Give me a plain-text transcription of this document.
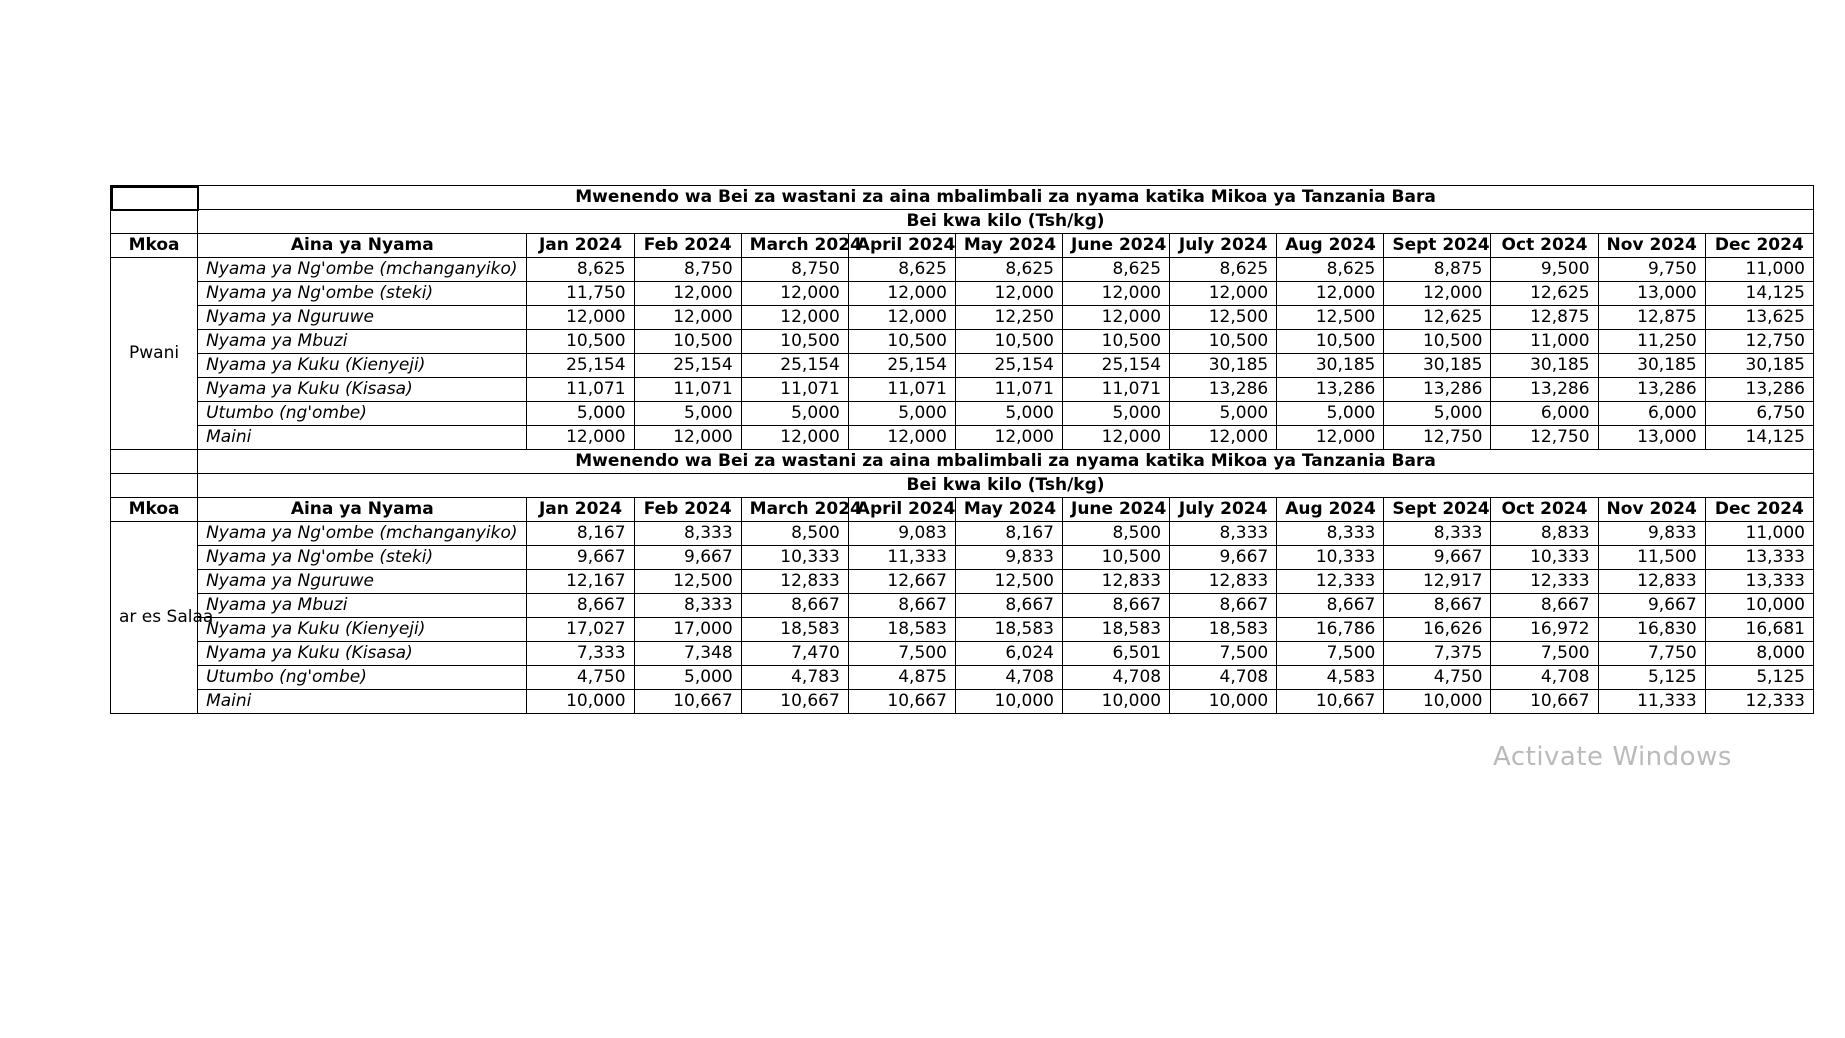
	Mwenendo wa Bei za wastani za aina mbalimbali za nyama katika Mikoa ya Tanzania Bara												
	Bei kwa kilo (Tsh/kg)												
Mkoa	Aina ya Nyama	Jan 2024	Feb 2024	March 2024	April 2024	May 2024	June 2024	July 2024	Aug 2024	Sept 2024	Oct 2024	Nov 2024	Dec 2024
Pwani	Nyama ya Ng'ombe (mchanganyiko)	8,625	8,750	8,750	8,625	8,625	8,625	8,625	8,625	8,875	9,500	9,750	11,000
	Nyama ya Ng'ombe (steki)	11,750	12,000	12,000	12,000	12,000	12,000	12,000	12,000	12,000	12,625	13,000	14,125
	Nyama ya Nguruwe	12,000	12,000	12,000	12,000	12,250	12,000	12,500	12,500	12,625	12,875	12,875	13,625
	Nyama ya Mbuzi	10,500	10,500	10,500	10,500	10,500	10,500	10,500	10,500	10,500	11,000	11,250	12,750
	Nyama ya Kuku (Kienyeji)	25,154	25,154	25,154	25,154	25,154	25,154	30,185	30,185	30,185	30,185	30,185	30,185
	Nyama ya Kuku (Kisasa)	11,071	11,071	11,071	11,071	11,071	11,071	13,286	13,286	13,286	13,286	13,286	13,286
	Utumbo (ng'ombe)	5,000	5,000	5,000	5,000	5,000	5,000	5,000	5,000	5,000	6,000	6,000	6,750
	Maini	12,000	12,000	12,000	12,000	12,000	12,000	12,000	12,000	12,750	12,750	13,000	14,125
	Mwenendo wa Bei za wastani za aina mbalimbali za nyama katika Mikoa ya Tanzania Bara												
	Bei kwa kilo (Tsh/kg)												
Mkoa	Aina ya Nyama	Jan 2024	Feb 2024	March 2024	April 2024	May 2024	June 2024	July 2024	Aug 2024	Sept 2024	Oct 2024	Nov 2024	Dec 2024
ar es Salaa	Nyama ya Ng'ombe (mchanganyiko)	8,167	8,333	8,500	9,083	8,167	8,500	8,333	8,333	8,333	8,833	9,833	11,000
	Nyama ya Ng'ombe (steki)	9,667	9,667	10,333	11,333	9,833	10,500	9,667	10,333	9,667	10,333	11,500	13,333
	Nyama ya Nguruwe	12,167	12,500	12,833	12,667	12,500	12,833	12,833	12,333	12,917	12,333	12,833	13,333
	Nyama ya Mbuzi	8,667	8,333	8,667	8,667	8,667	8,667	8,667	8,667	8,667	8,667	9,667	10,000
	Nyama ya Kuku (Kienyeji)	17,027	17,000	18,583	18,583	18,583	18,583	18,583	16,786	16,626	16,972	16,830	16,681
	Nyama ya Kuku (Kisasa)	7,333	7,348	7,470	7,500	6,024	6,501	7,500	7,500	7,375	7,500	7,750	8,000
	Utumbo (ng'ombe)	4,750	5,000	4,783	4,875	4,708	4,708	4,708	4,583	4,750	4,708	5,125	5,125
	Maini	10,000	10,667	10,667	10,667	10,000	10,000	10,000	10,667	10,000	10,667	11,333	12,333
Activate Windows
